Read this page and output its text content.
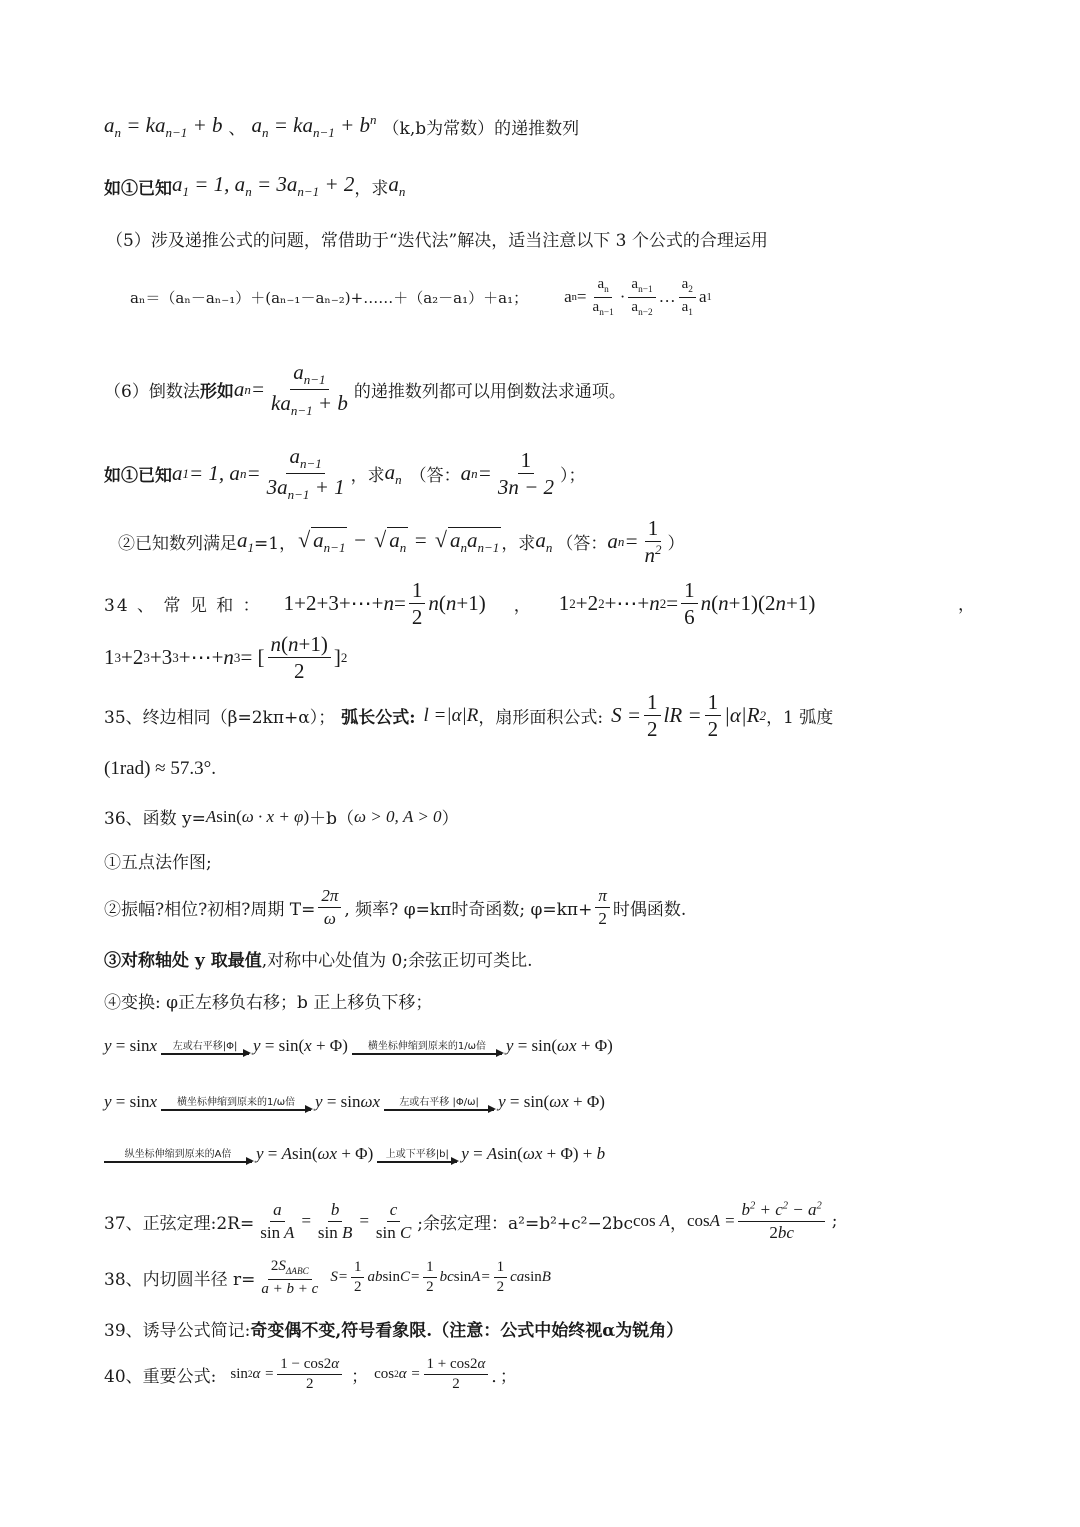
$a_n = ka_{n-1} + b$ 、 $a_n = ka_{n-1} + b^n$ （k,b为常数）的递推数列
如①已知 $a_1 = 1$, $a_n = 3a_{n-1} + 2$ ，求 $a_n$
（5）涉及递推公式的问题，常借助于“迭代法”解决，适当注意以下 3 个公式的合理运用
aₙ＝（aₙ－aₙ₋₁）＋(aₙ₋₁－aₙ₋₂)+……＋（a₂－a₁）＋a₁； a $n = \frac{a_n}{a_{n-1}} \cdot \frac{a_{n-1}}{a_{n-2}}$ … $\frac{a_2}{a_1}$ a 1
（6）倒数法 形如 a $n = \frac{a_{n-1}}{ka_{n-1} + b}$ 的递推数列都可以用倒数法求通项。
如①已知 a 1 = 1, a $n = \frac{a_{n-1}}{3a_{n-1} + 1}$ ，求 $a_n$ （答： a $n = \frac{1}{3n - 2}$ ）；
②已知数列满足 $a_1 =1$， √ $a_{n-1}$ − √ $a_n$ = √ $a_na_{n-1}$ ，求 $a_n$ （答： a $n = \frac{1}{n^2}$ ）
34 、 常 见 和 ： 1+2+3+⋯+ $n = \frac{1}{2}$ n ( n +1) ， 1 2 +2 2 +⋯+ n $2 = \frac{1}{6}$ n ( n +1)(2 n +1)	，
1 3 +2 3 +3 3 +⋯+ n 3 = [ $\frac{n(n+1)}{2}$ ] 2
35、终边相同（β=2kπ+α）； 弧长公式: l =|α|R ，扇形面积公式: $S = \frac{1}{2}$ lR = $\frac{1}{2} |\alpha|R$ 2 ，1 弧度
(1rad) ≈ 57.3°.
36、函数 y= Asin(ω · x + φ) ＋b（ ω > 0, A > 0 ）
①五点法作图;
②振幅?相位?初相?周期 $T= \frac{2\pi}{\omega}$ , 频率? φ=kπ时奇函数; $\varphi=k\pi+ \frac{\pi}{2}$ 时偶函数.
③对称轴处 y 取最值 ,对称中心处值为 0;余弦正切可类比.
④变换: φ正左移负右移；b 正上移负下移；
y = sinx	左或右平移|Φ| y = sin(x + Φ)	横坐标伸缩到原来的1/ω倍 y = sin(ωx + Φ)
y = sinx	横坐标伸缩到原来的1/ω倍 y = sinωx	左或右平移 |Φ/ω| y = sin(ωx + Φ)
纵坐标伸缩到原来的A倍 y = Asin(ωx + Φ)	上或下平移|b| y = Asin(ωx + Φ) + b
37、正弦定理:2R= $\frac{a}{\text{sin A}} = \frac{b}{\text{sin B}} = \frac{c}{\text{sin C}}$ ;余弦定理：a²=b²+c²−2bc cos A ， $\cos A = \frac{b^2 + c^2 - a^2}{2bc}$ ;
38、内切圆半径 $r= \frac{2S_{\Delta ABC}}{a + b + c} S= \frac{1}{2}$ ab $\sin C= \frac{1}{2}$ bc $\sin A= \frac{1}{2}$ ca sin B
39、诱导公式简记: 奇变偶不变,符号看象限.（注意：公式中始终视α为锐角）
40、重要公式: sin 2 $\alpha = \frac{1 - \cos 2\alpha}{2}$ ； cos 2 $\alpha = \frac{1 + \cos 2\alpha}{2}$ ．；
